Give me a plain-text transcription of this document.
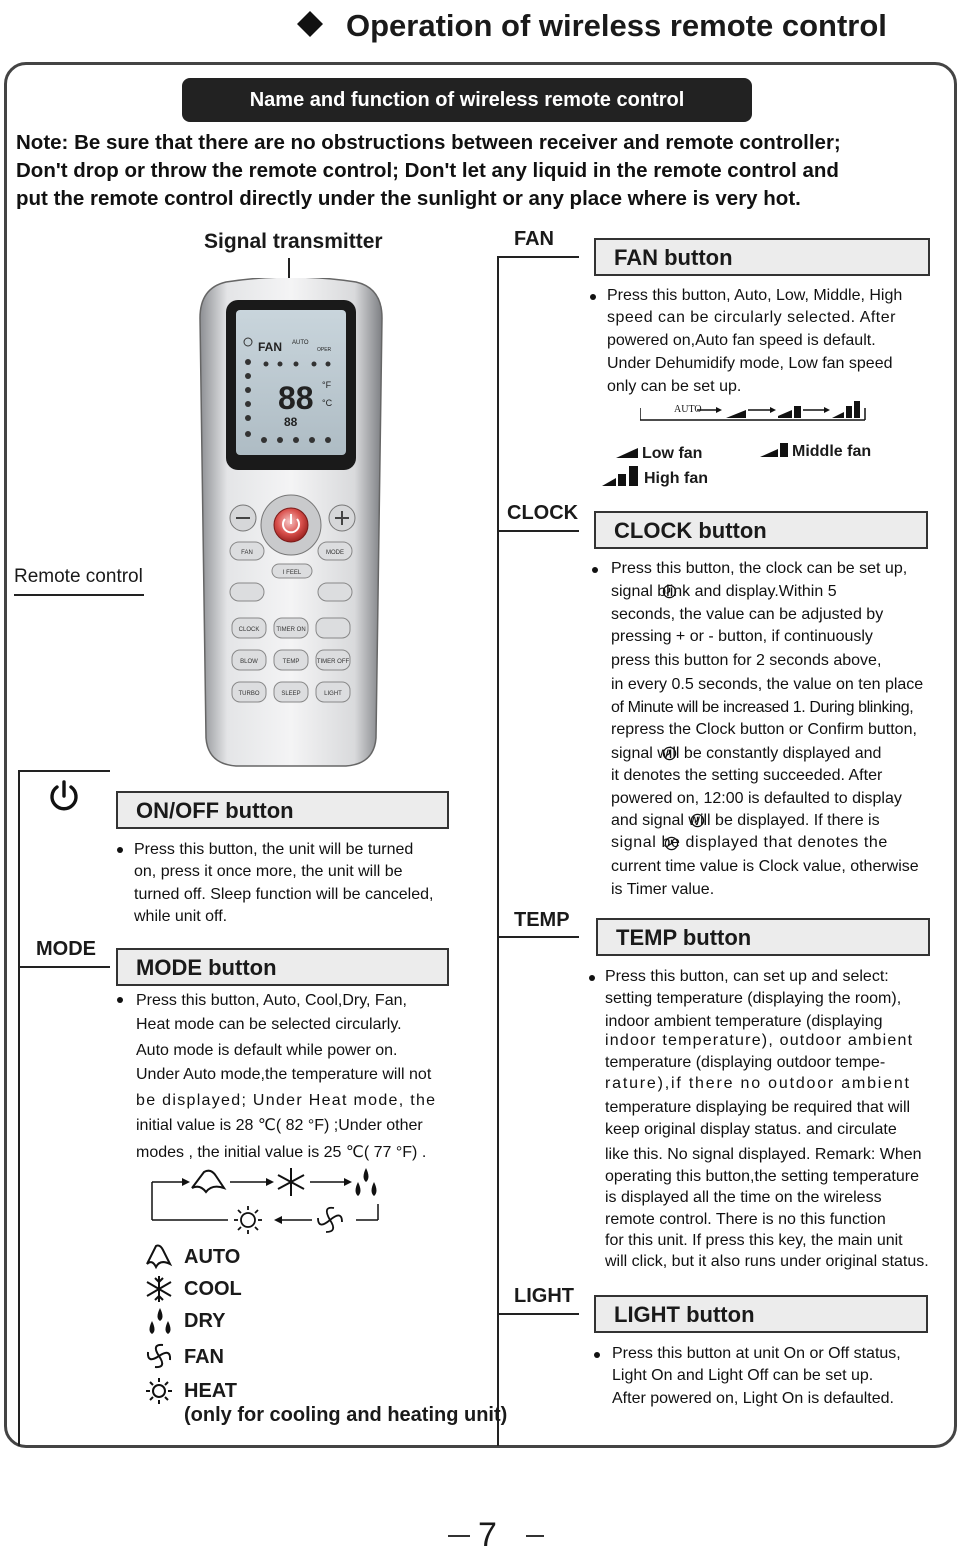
Operation of wireless remote control
Name and function of wireless remote control
Note: Be sure that there are no obstructions between receiver and remote controller;
Don't drop or throw the remote control; Don't let any liquid in the remote control and
put the remote control directly under the sunlight or any place where is very hot.
Signal transmitter
Remote control
FAN
CLOCK
TEMP
LIGHT
MODE
FAN AUTO
OPER
88 °F
°C
88
FAN	MODE
I FEEL
CLOCK	TIMER ON
BLOW	TEMP	TIMER OFF
TURBO	SLEEP	LIGHT
FAN button
Press this button, Auto, Low, Middle, High
speed can be circularly selected. After
powered on,Auto fan speed is default.
Under Dehumidify mode, Low fan speed
only can be set up.
AUTO
Low fan	Middle fan
High fan
CLOCK button
Press this button, the clock can be set up,
signal blink and display.Within 5
seconds, the value can be adjusted by
pressing + or - button, if continuously
press this button for 2 seconds above,
in every 0.5 seconds, the value on ten place
of Minute will be increased 1. During blinking,
repress the Clock button or Confirm button,
signal will be constantly displayed and
it denotes the setting succeeded. After
powered on, 12:00 is defaulted to display
and signal will be displayed. If there is
signal be displayed that denotes the
current time value is Clock value, otherwise
is Timer value.
TEMP button
Press this button, can set up and select:
setting temperature (displaying the room),
indoor ambient temperature (displaying
indoor temperature), outdoor ambient
temperature (displaying outdoor tempe-
rature),if there no outdoor ambient
temperature displaying be required that will
keep original display status. and circulate
like this. No signal displayed. Remark: When
operating this button,the setting temperature
is displayed all the time on the wireless
remote control. There is no this function
for this unit. If press this key, the main unit
will click, but it also runs under original status.
LIGHT button
Press this button at unit On or Off status,
Light On and Light Off can be set up.
After powered on, Light On is defaulted.
ON/OFF button
Press this button, the unit will be turned
on, press it once more, the unit will be
turned off. Sleep function will be canceled,
while unit off.
MODE button
Press this button, Auto, Cool,Dry, Fan,
Heat mode can be selected circularly.
Auto mode is default while power on.
Under Auto mode,the temperature will not
be displayed; Under Heat mode, the
initial value is 28 ℃( 82 °F) ;Under other
modes , the initial value is 25 ℃( 77 °F) .
AUTO
COOL
DRY
FAN
HEAT
(only for cooling and heating unit)
7
